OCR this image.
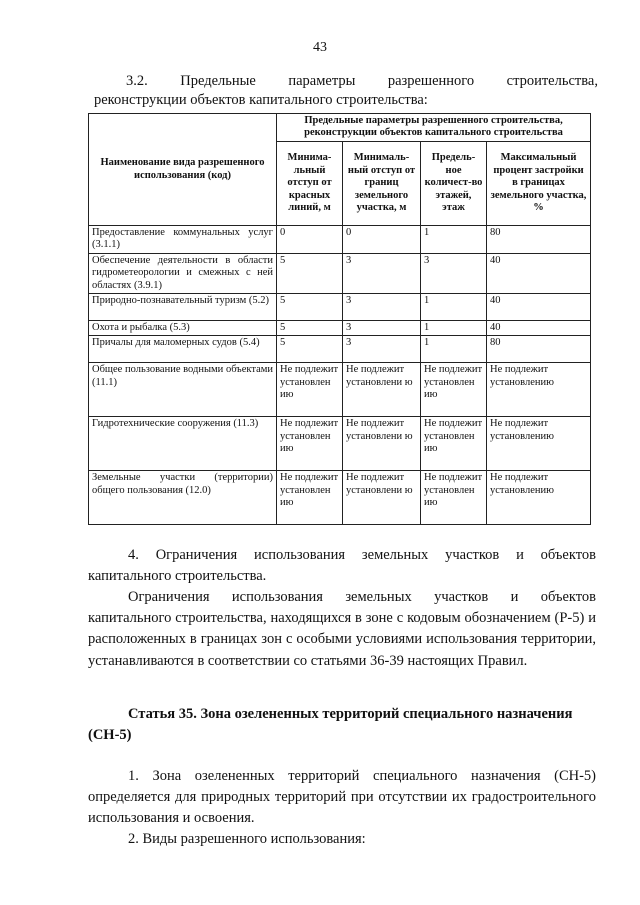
43
3.2. Предельные параметры разрешенного строительства,
реконструкции объектов капитального строительства:
Наименование вида разрешенного использования (код)	Предельные параметры разрешенного строительства, реконструкции объектов капитального строительства			
	Минима-льный отступ от красных линий, м	Минималь-ный отступ от границ земельного участка, м	Предель-ное количест-во этажей, этаж	Максимальный процент застройки в границах земельного участка, %
Предоставление коммунальных услуг (3.1.1)	0	0	1	80
Обеспечение деятельности в области гидрометеорологии и смежных с ней областях (3.9.1)	5	3	3	40
Природно-познавательный туризм (5.2)	5	3	1	40
Охота и рыбалка (5.3)	5	3	1	40
Причалы для маломерных судов (5.4)	5	3	1	80
Общее пользование водными объектами (11.1)	Не подлежит установлен ию	Не подлежит установлени ю	Не подлежит установлен ию	Не подлежит установлению
Гидротехнические сооружения (11.3)	Не подлежит установлен ию	Не подлежит установлени ю	Не подлежит установлен ию	Не подлежит установлению
Земельные участки (территории) общего пользования (12.0)	Не подлежит установлен ию	Не подлежит установлени ю	Не подлежит установлен ию	Не подлежит установлению
4. Ограничения использования земельных участков и объектов
капитального строительства.
Ограничения использования земельных участков и объектов
капитального строительства, находящихся в зоне с кодовым обозначением (Р-5) и расположенных в границах зон с особыми условиями использования территории, устанавливаются в соответствии со статьями 36-39 настоящих Правил.
Статья 35. Зона озелененных территорий специального назначения (СН-5)
1. Зона озелененных территорий специального назначения (СН-5) определяется для природных территорий при отсутствии их градостроительного использования и освоения.
2. Виды разрешенного использования:
